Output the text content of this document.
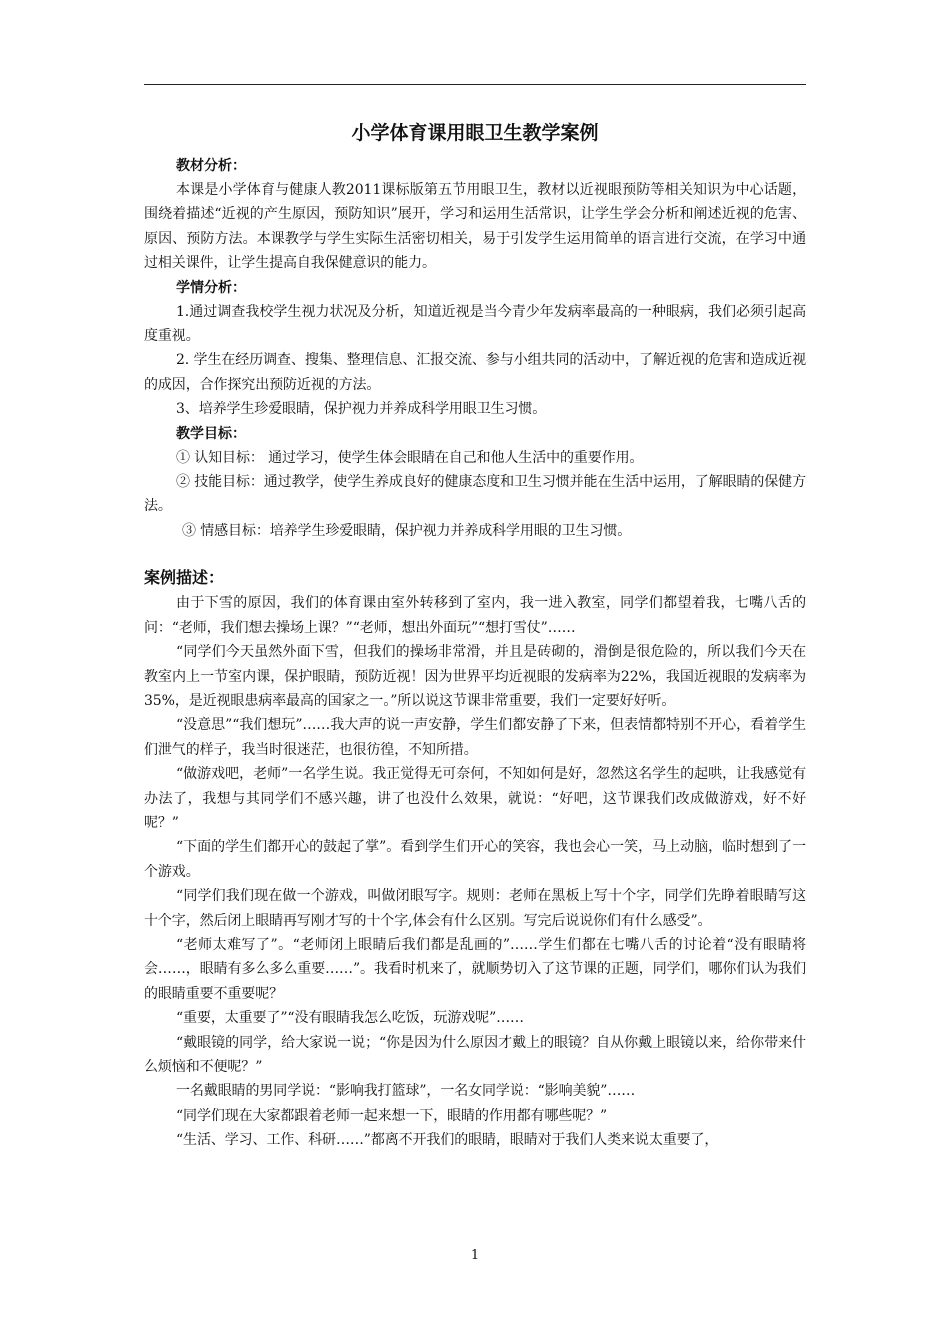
小学体育课用眼卫生教学案例
教材分析：

本课是小学体育与健康人教2011课标版第五节用眼卫生，教材以近视眼预防等相关知识为中心话题，围绕着描述“近视的产生原因，预防知识”展开，学习和运用生活常识，让学生学会分析和阐述近视的危害、原因、预防方法。本课教学与学生实际生活密切相关，易于引发学生运用简单的语言进行交流，在学习中通过相关课件，让学生提高自我保健意识的能力。

学情分析：

1.通过调查我校学生视力状况及分析，知道近视是当今青少年发病率最高的一种眼病，我们必须引起高度重视。

2. 学生在经历调查、搜集、整理信息、汇报交流、参与小组共同的活动中，了解近视的危害和造成近视的成因，合作探究出预防近视的方法。

3、培养学生珍爱眼睛，保护视力并养成科学用眼卫生习惯。

教学目标：

① 认知目标： 通过学习，使学生体会眼睛在自己和他人生活中的重要作用。

② 技能目标：通过教学，使学生养成良好的健康态度和卫生习惯并能在生活中运用，了解眼睛的保健方法。

③ 情感目标：培养学生珍爱眼睛，保护视力并养成科学用眼的卫生习惯。

案例描述：

由于下雪的原因，我们的体育课由室外转移到了室内，我一进入教室，同学们都望着我，七嘴八舌的问：“老师，我们想去操场上课？”“老师，想出外面玩”“想打雪仗”……

“同学们今天虽然外面下雪，但我们的操场非常滑，并且是砖砌的，滑倒是很危险的，所以我们今天在教室内上一节室内课，保护眼睛，预防近视！因为世界平均近视眼的发病率为22%，我国近视眼的发病率为35%，是近视眼患病率最高的国家之一。”所以说这节课非常重要，我们一定要好好听。

“没意思”“我们想玩”……我大声的说一声安静，学生们都安静了下来，但表情都特别不开心，看着学生们泄气的样子，我当时很迷茫，也很彷徨，不知所措。

“做游戏吧，老师”一名学生说。我正觉得无可奈何，不知如何是好，忽然这名学生的起哄，让我感觉有办法了，我想与其同学们不感兴趣，讲了也没什么效果，就说：“好吧，这节课我们改成做游戏，好不好呢？”

“下面的学生们都开心的鼓起了掌”。看到学生们开心的笑容，我也会心一笑，马上动脑，临时想到了一个游戏。

“同学们我们现在做一个游戏，叫做闭眼写字。规则：老师在黑板上写十个字，同学们先睁着眼睛写这十个字，然后闭上眼睛再写刚才写的十个字,体会有什么区别。写完后说说你们有什么感受”。

“老师太难写了”。“老师闭上眼睛后我们都是乱画的”……学生们都在七嘴八舌的讨论着“没有眼睛将会……，眼睛有多么多么重要……”。我看时机来了，就顺势切入了这节课的正题，同学们，哪你们认为我们的眼睛重要不重要呢？

“重要，太重要了”“没有眼睛我怎么吃饭，玩游戏呢”……

“戴眼镜的同学，给大家说一说；“你是因为什么原因才戴上的眼镜？自从你戴上眼镜以来，给你带来什么烦恼和不便呢？”

一名戴眼睛的男同学说：“影响我打篮球”，一名女同学说：“影响美貌”……

“同学们现在大家都跟着老师一起来想一下，眼睛的作用都有哪些呢？”

“生活、学习、工作、科研……”都离不开我们的眼睛，眼睛对于我们人类来说太重要了，

1
